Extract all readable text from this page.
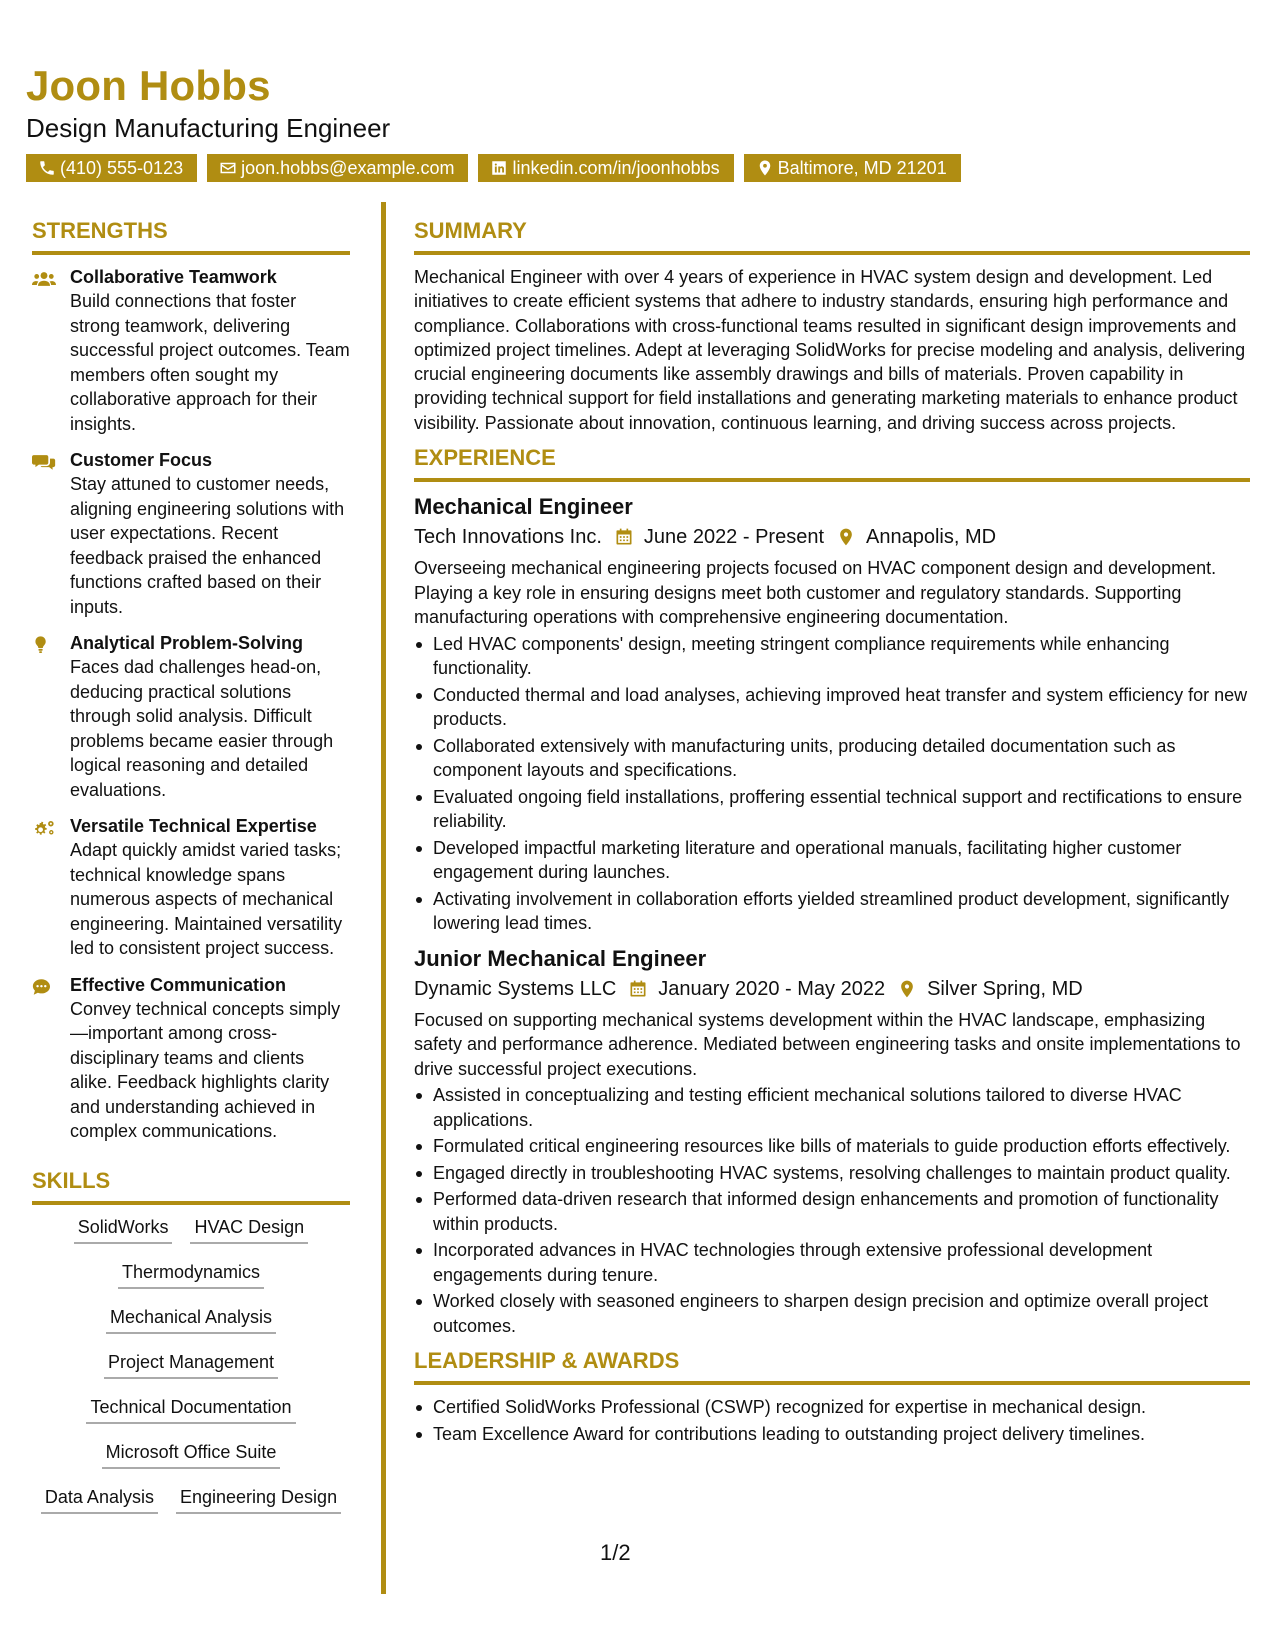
Joon Hobbs
Design Manufacturing Engineer
(410) 555-0123	joon.hobbs@example.com	linkedin.com/in/joonhobbs	Baltimore, MD 21201
STRENGTHS
Collaborative Teamwork
Build connections that foster strong teamwork, delivering successful project outcomes. Team members often sought my collaborative approach for their insights.
Customer Focus
Stay attuned to customer needs, aligning engineering solutions with user expectations. Recent feedback praised the enhanced functions crafted based on their inputs.
Analytical Problem-Solving
Faces dad challenges head-on, deducing practical solutions through solid analysis. Difficult problems became easier through logical reasoning and detailed evaluations.
Versatile Technical Expertise
Adapt quickly amidst varied tasks; technical knowledge spans numerous aspects of mechanical engineering. Maintained versatility led to consistent project success.
Effective Communication
Convey technical concepts simply—important among cross-disciplinary teams and clients alike. Feedback highlights clarity and understanding achieved in complex communications.
SKILLS
SolidWorks HVAC Design
Thermodynamics
Mechanical Analysis
Project Management
Technical Documentation
Microsoft Office Suite
Data Analysis Engineering Design
SUMMARY
Mechanical Engineer with over 4 years of experience in HVAC system design and development. Led initiatives to create efficient systems that adhere to industry standards, ensuring high performance and compliance. Collaborations with cross-functional teams resulted in significant design improvements and optimized project timelines. Adept at leveraging SolidWorks for precise modeling and analysis, delivering crucial engineering documents like assembly drawings and bills of materials. Proven capability in providing technical support for field installations and generating marketing materials to enhance product visibility. Passionate about innovation, continuous learning, and driving success across projects.
EXPERIENCE
Mechanical Engineer
Tech Innovations Inc. June 2022 - Present Annapolis, MD
Overseeing mechanical engineering projects focused on HVAC component design and development. Playing a key role in ensuring designs meet both customer and regulatory standards. Supporting manufacturing operations with comprehensive engineering documentation.
Led HVAC components' design, meeting stringent compliance requirements while enhancing functionality.
Conducted thermal and load analyses, achieving improved heat transfer and system efficiency for new products.
Collaborated extensively with manufacturing units, producing detailed documentation such as component layouts and specifications.
Evaluated ongoing field installations, proffering essential technical support and rectifications to ensure reliability.
Developed impactful marketing literature and operational manuals, facilitating higher customer engagement during launches.
Activating involvement in collaboration efforts yielded streamlined product development, significantly lowering lead times.
Junior Mechanical Engineer
Dynamic Systems LLC January 2020 - May 2022 Silver Spring, MD
Focused on supporting mechanical systems development within the HVAC landscape, emphasizing safety and performance adherence. Mediated between engineering tasks and onsite implementations to drive successful project executions.
Assisted in conceptualizing and testing efficient mechanical solutions tailored to diverse HVAC applications.
Formulated critical engineering resources like bills of materials to guide production efforts effectively.
Engaged directly in troubleshooting HVAC systems, resolving challenges to maintain product quality.
Performed data-driven research that informed design enhancements and promotion of functionality within products.
Incorporated advances in HVAC technologies through extensive professional development engagements during tenure.
Worked closely with seasoned engineers to sharpen design precision and optimize overall project outcomes.
LEADERSHIP & AWARDS
Certified SolidWorks Professional (CSWP) recognized for expertise in mechanical design.
Team Excellence Award for contributions leading to outstanding project delivery timelines.
1/2
